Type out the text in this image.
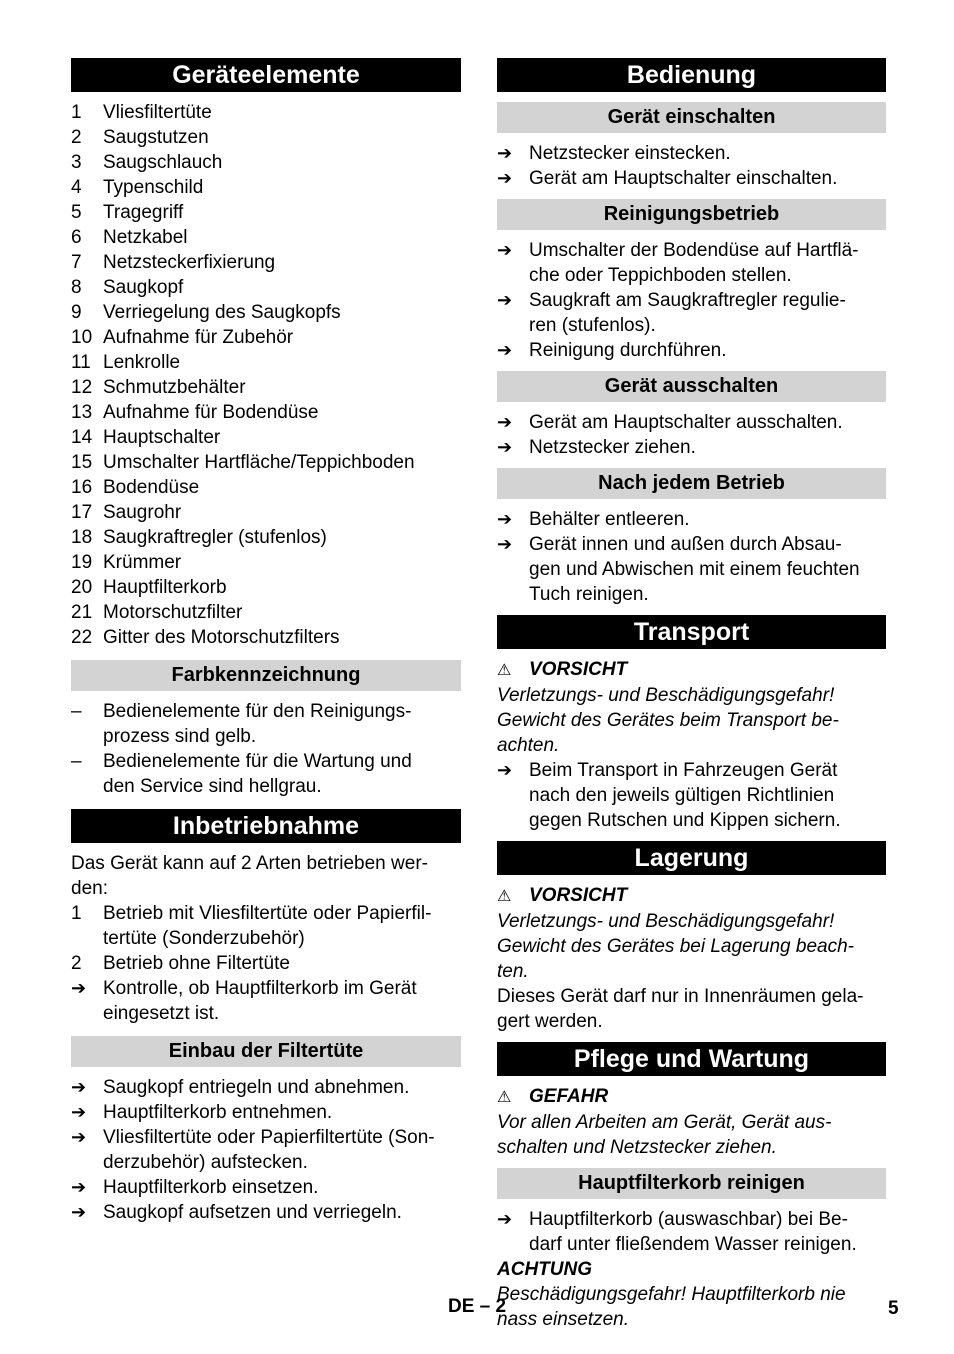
Geräteelemente
1	Vliesfiltertüte
2	Saugstutzen
3	Saugschlauch
4	Typenschild
5	Tragegriff
6	Netzkabel
7	Netzsteckerfixierung
8	Saugkopf
9	Verriegelung des Saugkopfs
10 Aufnahme für Zubehör
11 Lenkrolle
12 Schmutzbehälter
13 Aufnahme für Bodendüse
14 Hauptschalter
15 Umschalter Hartfläche/Teppichboden
16 Bodendüse
17 Saugrohr
18 Saugkraftregler (stufenlos)
19 Krümmer
20 Hauptfilterkorb
21 Motorschutzfilter
22 Gitter des Motorschutzfilters
Farbkennzeichnung
–	Bedienelemente für den Reinigungs-
prozess sind gelb.
–	Bedienelemente für die Wartung und
den Service sind hellgrau.
Inbetriebnahme

Das Gerät kann auf 2 Arten betrieben wer-
den:

1	Betrieb mit Vliesfiltertüte oder Papierfil-
tertüte (Sonderzubehör)
2	Betrieb ohne Filtertüte
➔ Kontrolle, ob Hauptfilterkorb im Gerät
eingesetzt ist.
Einbau der Filtertüte
➔ Saugkopf entriegeln und abnehmen.
➔ Hauptfilterkorb entnehmen.
➔ Vliesfiltertüte oder Papierfiltertüte (Son-
derzubehör) aufstecken.
➔ Hauptfilterkorb einsetzen.
➔ Saugkopf aufsetzen und verriegeln.
Bedienung
Gerät einschalten
➔ Netzstecker einstecken.
➔ Gerät am Hauptschalter einschalten.
Reinigungsbetrieb
➔ Umschalter der Bodendüse auf Hartflä-
che oder Teppichboden stellen.
➔ Saugkraft am Saugkraftregler regulie-
ren (stufenlos).
➔ Reinigung durchführen.
Gerät ausschalten
➔ Gerät am Hauptschalter ausschalten.
➔ Netzstecker ziehen.
Nach jedem Betrieb
➔ Behälter entleeren.
➔ Gerät innen und außen durch Absau-
gen und Abwischen mit einem feuchten
Tuch reinigen.
Transport
⚠ VORSICHT

Verletzungs- und Beschädigungsgefahr!
Gewicht des Gerätes beim Transport be-
achten.

➔ Beim Transport in Fahrzeugen Gerät
nach den jeweils gültigen Richtlinien
gegen Rutschen und Kippen sichern.
Lagerung
⚠ VORSICHT

Verletzungs- und Beschädigungsgefahr!
Gewicht des Gerätes bei Lagerung beach-
ten.

Dieses Gerät darf nur in Innenräumen gela-
gert werden.

Pflege und Wartung
⚠ GEFAHR

Vor allen Arbeiten am Gerät, Gerät aus-
schalten und Netzstecker ziehen.

Hauptfilterkorb reinigen
➔ Hauptfilterkorb (auswaschbar) bei Be-
darf unter fließendem Wasser reinigen.
ACHTUNG

Beschädigungsgefahr! Hauptfilterkorb nie
nass einsetzen.

DE – 2	5
